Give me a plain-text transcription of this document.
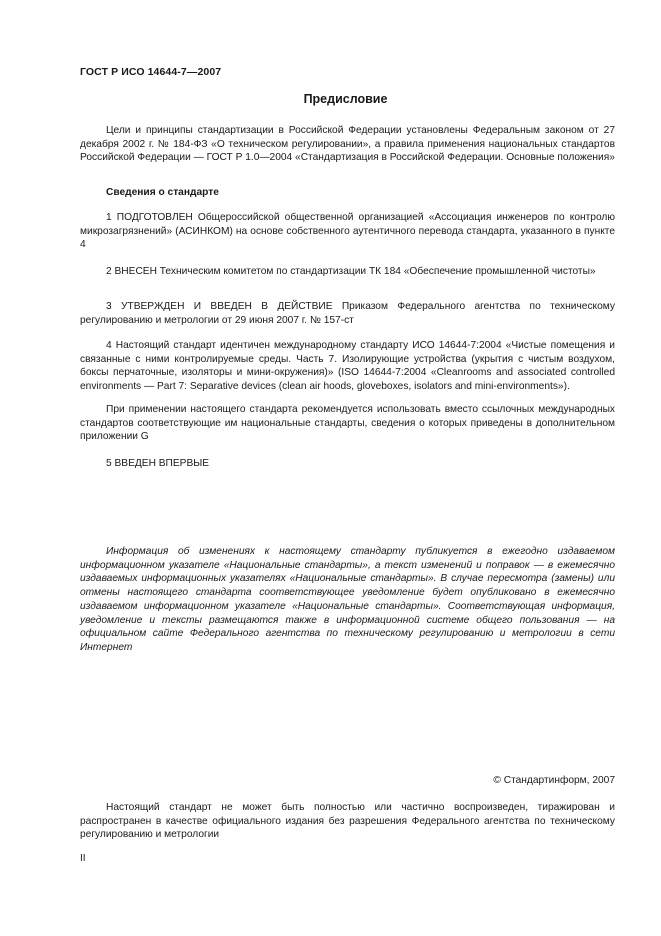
ГОСТ Р ИСО 14644-7—2007
Предисловие

Цели и принципы стандартизации в Российской Федерации установлены Федеральным законом от 27 декабря 2002 г. № 184-ФЗ «О техническом регулировании», а правила применения национальных стандартов Российской Федерации — ГОСТ Р 1.0—2004 «Стандартизация в Российской Федерации. Основные положения»

Сведения о стандарте

1 ПОДГОТОВЛЕН Общероссийской общественной организацией «Ассоциация инженеров по контролю микрозагрязнений» (АСИНКОМ) на основе собственного аутентичного перевода стандарта, указанного в пункте 4

2 ВНЕСЕН Техническим комитетом по стандартизации ТК 184 «Обеспечение промышленной чистоты»

3 УТВЕРЖДЕН И ВВЕДЕН В ДЕЙСТВИЕ Приказом Федерального агентства по техническому регулированию и метрологии от 29 июня 2007 г. № 157-ст

4 Настоящий стандарт идентичен международному стандарту ИСО 14644-7:2004 «Чистые помещения и связанные с ними контролируемые среды. Часть 7. Изолирующие устройства (укрытия с чистым воздухом, боксы перчаточные, изоляторы и мини-окружения)» (ISO 14644-7:2004 «Cleanrooms and associated controlled environments — Part 7: Separative devices (clean air hoods, gloveboxes, isolators and mini-environments»).

При применении настоящего стандарта рекомендуется использовать вместо ссылочных международных стандартов соответствующие им национальные стандарты, сведения о которых приведены в дополнительном приложении G

5 ВВЕДЕН ВПЕРВЫЕ

Информация об изменениях к настоящему стандарту публикуется в ежегодно издаваемом информационном указателе «Национальные стандарты», а текст изменений и поправок — в ежемесячно издаваемых информационных указателях «Национальные стандарты». В случае пересмотра (замены) или отмены настоящего стандарта соответствующее уведомление будет опубликовано в ежемесячно издаваемом информационном указателе «Национальные стандарты». Соответствующая информация, уведомление и тексты размещаются также в информационной системе общего пользования — на официальном сайте Федерального агентства по техническому регулированию и метрологии в сети Интернет

© Стандартинформ, 2007

Настоящий стандарт не может быть полностью или частично воспроизведен, тиражирован и распространен в качестве официального издания без разрешения Федерального агентства по техническому регулированию и метрологии

II
